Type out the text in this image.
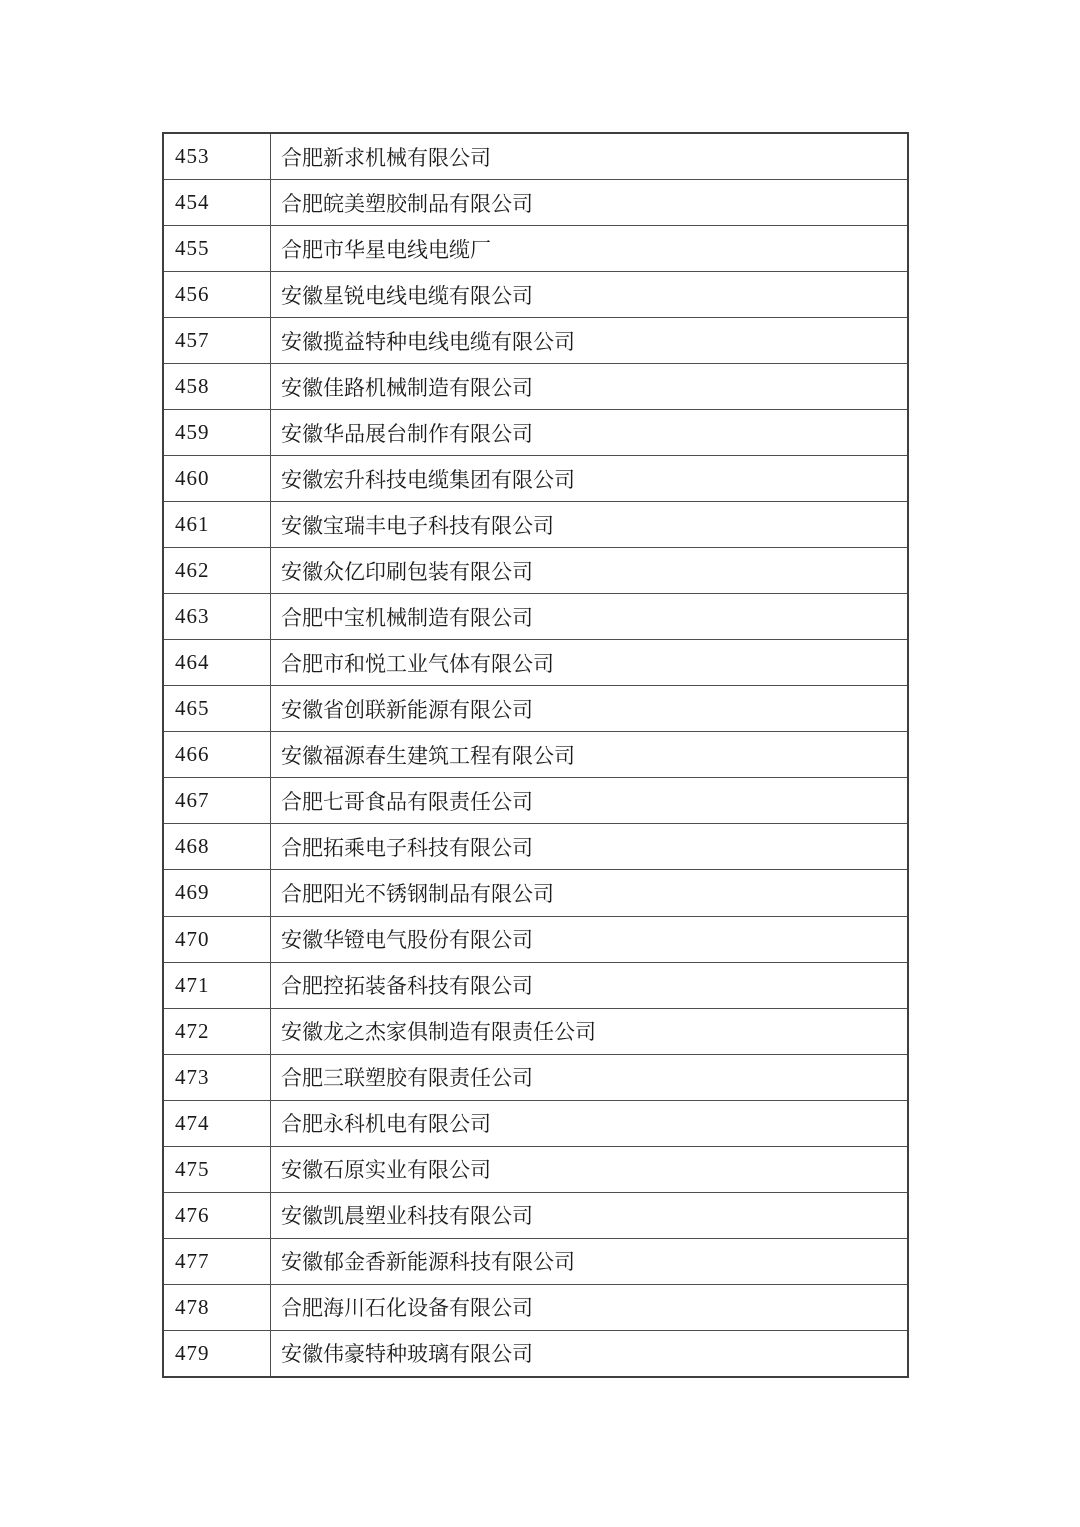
453	合肥新求机械有限公司
454	合肥皖美塑胶制品有限公司
455	合肥市华星电线电缆厂
456	安徽星锐电线电缆有限公司
457	安徽揽益特种电线电缆有限公司
458	安徽佳路机械制造有限公司
459	安徽华品展台制作有限公司
460	安徽宏升科技电缆集团有限公司
461	安徽宝瑞丰电子科技有限公司
462	安徽众亿印刷包装有限公司
463	合肥中宝机械制造有限公司
464	合肥市和悦工业气体有限公司
465	安徽省创联新能源有限公司
466	安徽福源春生建筑工程有限公司
467	合肥七哥食品有限责任公司
468	合肥拓乘电子科技有限公司
469	合肥阳光不锈钢制品有限公司
470	安徽华镫电气股份有限公司
471	合肥控拓装备科技有限公司
472	安徽龙之杰家俱制造有限责任公司
473	合肥三联塑胶有限责任公司
474	合肥永科机电有限公司
475	安徽石原实业有限公司
476	安徽凯晨塑业科技有限公司
477	安徽郁金香新能源科技有限公司
478	合肥海川石化设备有限公司
479	安徽伟豪特种玻璃有限公司
